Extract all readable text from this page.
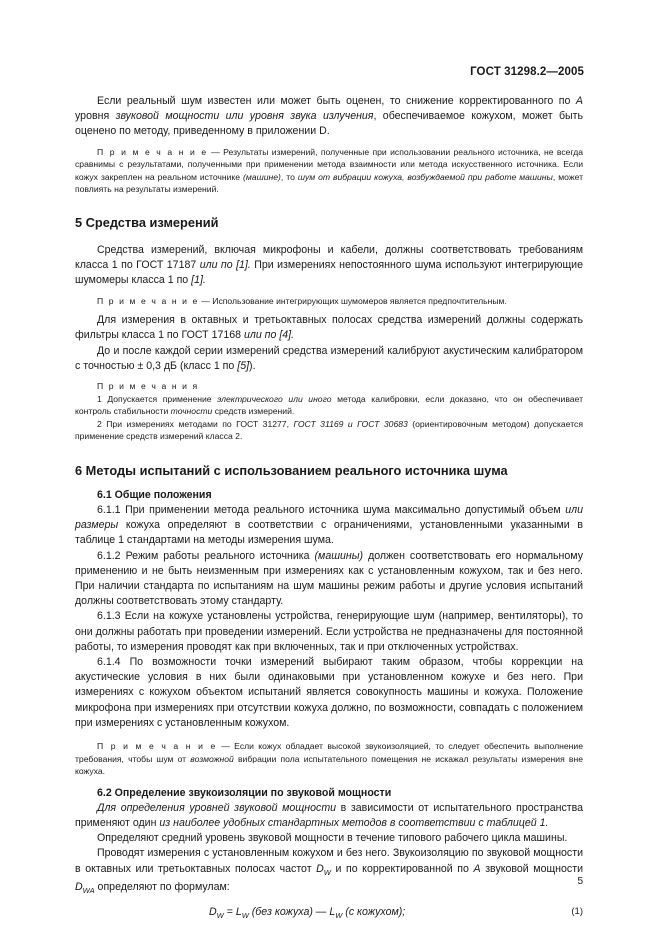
ГОСТ 31298.2—2005

Если реальный шум известен или может быть оценен, то снижение корректированного по А уровня звуковой мощности или уровня звука излучения, обеспечиваемое кожухом, может быть оценено по методу, приведенному в приложении D.

П р и м е ч а н и е — Результаты измерений, полученные при использовании реального источника, не всегда сравнимы с результатами, полученными при применении метода взаимности или метода искусственного источника. Если кожух закреплен на реальном источнике (машине), то шум от вибрации кожуха, возбуждаемой при работе машины, может повлиять на результаты измерений.

5 Средства измерений

Средства измерений, включая микрофоны и кабели, должны соответствовать требованиям класса 1 по ГОСТ 17187 или по [1]. При измерениях непостоянного шума используют интегрирующие шумомеры класса 1 по [1].

П р и м е ч а н и е — Использование интегрирующих шумомеров является предпочтительным.

Для измерения в октавных и третьоктавных полосах средства измерений должны содержать фильтры класса 1 по ГОСТ 17168 или по [4].

До и после каждой серии измерений средства измерений калибруют акустическим калибратором с точностью ± 0,3 дБ (класс 1 по [5]).

П р и м е ч а н и я

1 Допускается применение электрического или иного метода калибровки, если доказано, что он обеспечивает контроль стабильности точности средств измерений.

2 При измерениях методами по ГОСТ 31277, ГОСТ 31169 и ГОСТ 30683 (ориентировочным методом) допускается применение средств измерений класса 2.

6 Методы испытаний с использованием реального источника шума
6.1 Общие положения

6.1.1 При применении метода реального источника шума максимально допустимый объем или размеры кожуха определяют в соответствии с ограничениями, установленными указанными в таблице 1 стандартами на методы измерения шума.

6.1.2 Режим работы реального источника (машины) должен соответствовать его нормальному применению и не быть неизменным при измерениях как с установленным кожухом, так и без него. При наличии стандарта по испытаниям на шум машины режим работы и другие условия испытаний должны соответствовать этому стандарту.

6.1.3 Если на кожухе установлены устройства, генерирующие шум (например, вентиляторы), то они должны работать при проведении измерений. Если устройства не предназначены для постоянной работы, то измерения проводят как при включенных, так и при отключенных устройствах.

6.1.4 По возможности точки измерений выбирают таким образом, чтобы коррекции на акустические условия в них были одинаковыми при установленном кожухе и без него. При измерениях с кожухом объектом испытаний является совокупность машины и кожуха. Положение микрофона при измерениях при отсутствии кожуха должно, по возможности, совпадать с положением при измерениях с установленным кожухом.

П р и м е ч а н и е — Если кожух обладает высокой звукоизоляцией, то следует обеспечить выполнение требования, чтобы шум от возможной вибрации пола испытательного помещения не искажал результаты измерения вне кожуха.

6.2 Определение звукоизоляции по звуковой мощности

Для определения уровней звуковой мощности в зависимости от испытательного пространства применяют один из наиболее удобных стандартных методов в соответствии с таблицей 1.

Определяют средний уровень звуковой мощности в течение типового рабочего цикла машины.

Проводят измерения с установленным кожухом и без него. Звукоизоляцию по звуковой мощности в октавных или третьоктавных полосах частот $D_W$ и по корректированной по А звуковой мощности $D_{WA}$ определяют по формулам:

$D_W = L_W$ (без кожуха) — $L_W$ (с кожухом);	(1)
5
